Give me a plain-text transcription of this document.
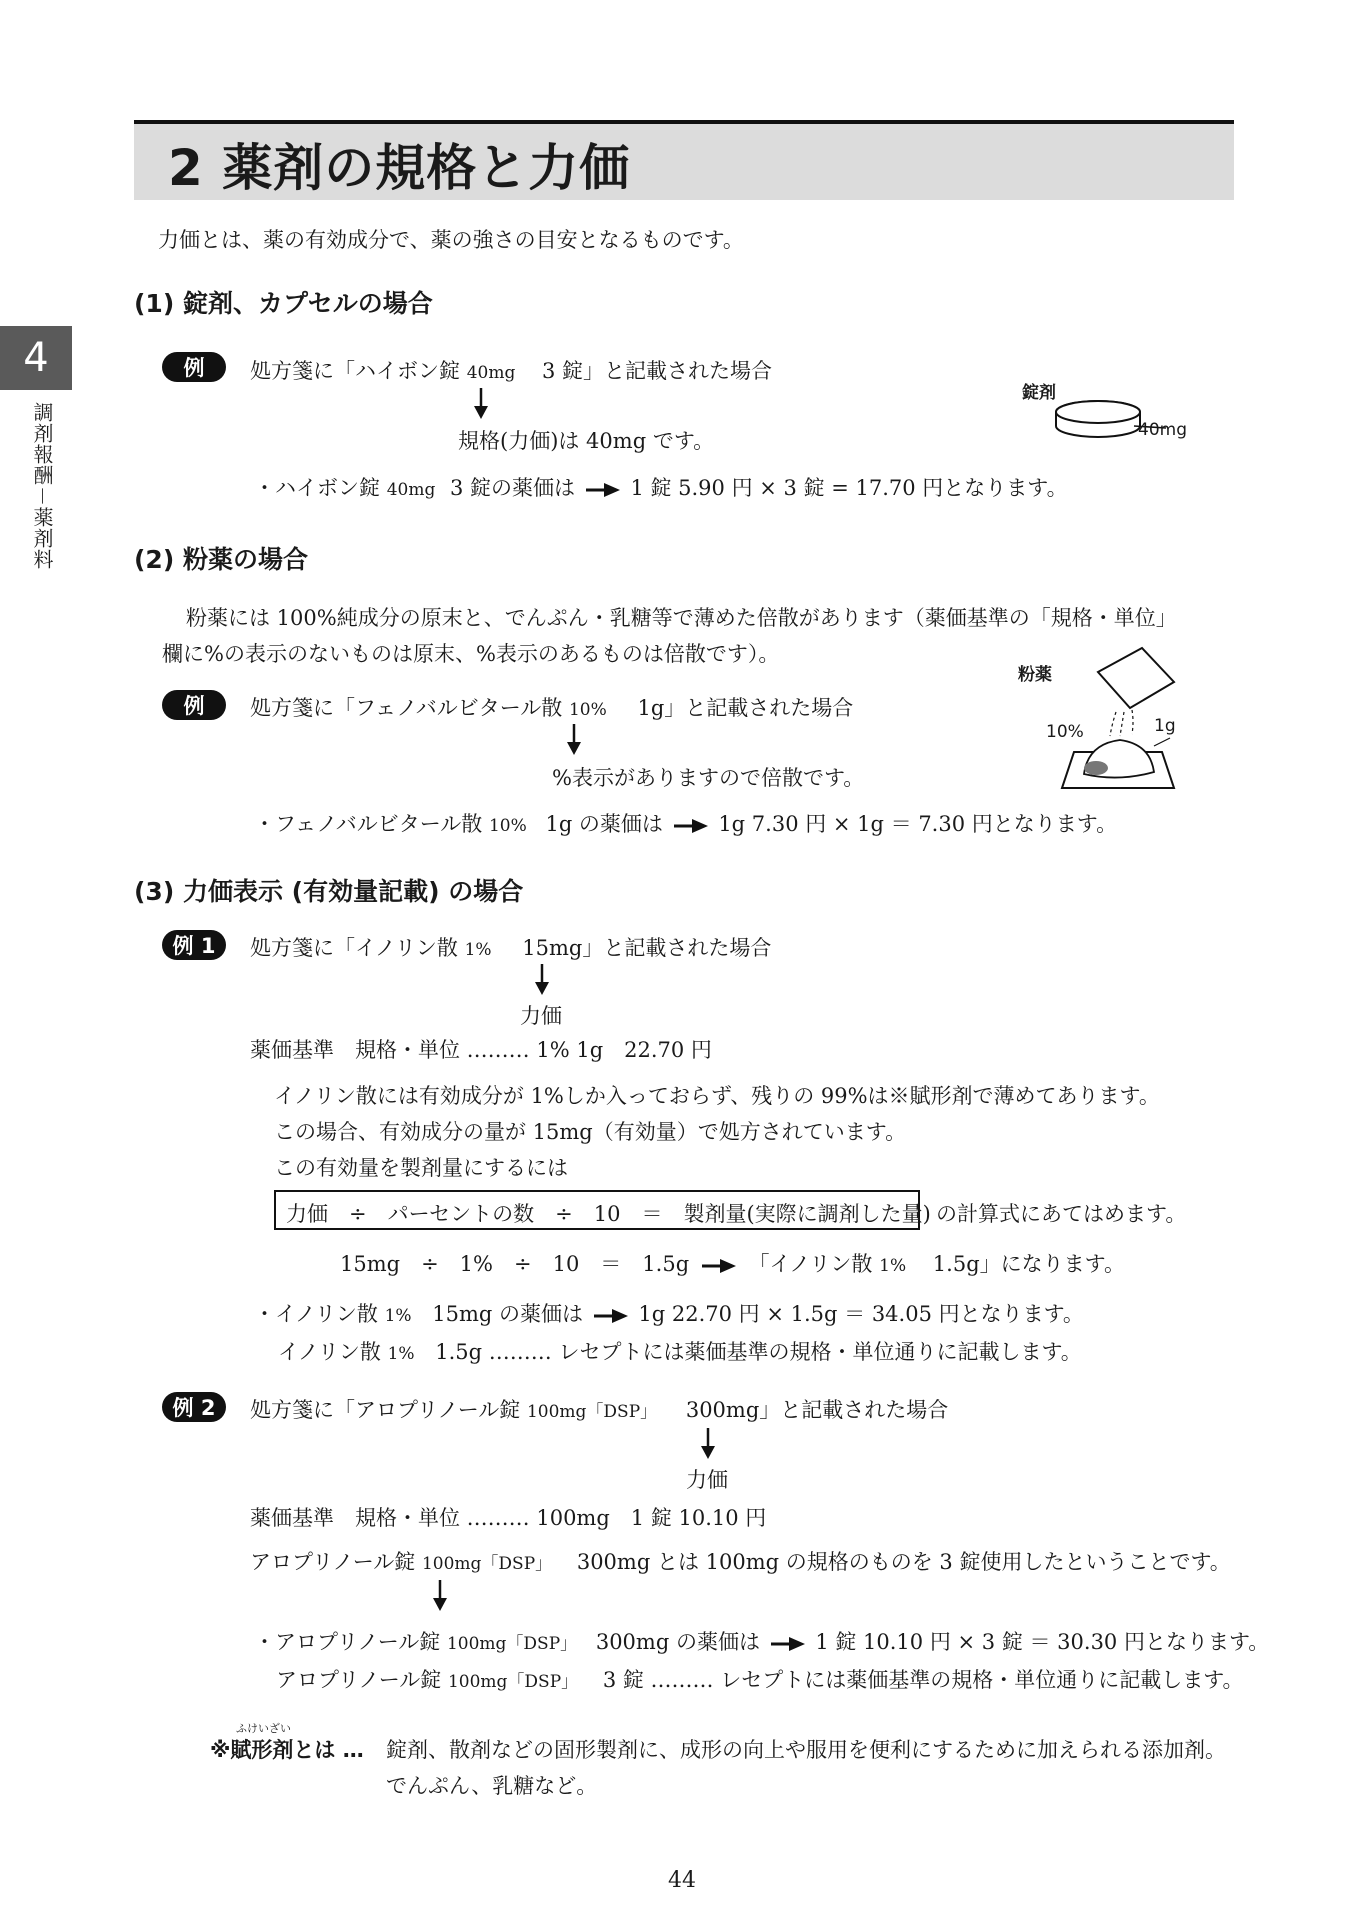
2 薬剤の規格と力価
4
調剤報酬－薬剤料
力価とは、薬の有効成分で、薬の強さの目安となるものです。
(1) 錠剤、カプセルの場合
例	処方箋に「ハイボン錠 40mg 3 錠」と記載された場合
規格(力価)は 40mg です。
・ハイボン錠 40mg 3 錠の薬価は	1 錠 5.90 円 × 3 錠 = 17.70 円となります。
錠剤
40mg
(2) 粉薬の場合
粉薬には 100%純成分の原末と、でんぷん・乳糖等で薄めた倍散があります（薬価基準の「規格・単位」
欄に%の表示のないものは原末、%表示のあるものは倍散です）。
例	処方箋に「フェノバルビタール散 10% 1g」と記載された場合
%表示がありますので倍散です。
・フェノバルビタール散 10% 1g の薬価は	1g 7.30 円 × 1g ＝ 7.30 円となります。
粉薬
10%	1g
(3) 力価表示 (有効量記載) の場合
例 1	処方箋に「イノリン散 1% 15mg」と記載された場合
力価
薬価基準　規格・単位 ……… 1% 1g　22.70 円
イノリン散には有効成分が 1%しか入っておらず、残りの 99%は※賦形剤で薄めてあります。
この場合、有効成分の量が 15mg（有効量）で処方されています。
この有効量を製剤量にするには
力価　÷　パーセントの数　÷　10　＝　製剤量(実際に調剤した量) の計算式にあてはめます。
15mg　÷　1%　÷　10　＝　1.5g	「イノリン散 1% 1.5g」になります。
・イノリン散 1% 15mg の薬価は	1g 22.70 円 × 1.5g ＝ 34.05 円となります。
イノリン散 1% 1.5g ……… レセプトには薬価基準の規格・単位通りに記載します。
例 2	処方箋に「アロプリノール錠 100mg「DSP」 300mg」と記載された場合
力価
薬価基準　規格・単位 ……… 100mg　1 錠 10.10 円
アロプリノール錠 100mg「DSP」 300mg とは 100mg の規格のものを 3 錠使用したということです。
・アロプリノール錠 100mg「DSP」 300mg の薬価は	1 錠 10.10 円 × 3 錠 ＝ 30.30 円となります。
アロプリノール錠 100mg「DSP」 3 錠 ……… レセプトには薬価基準の規格・単位通りに記載します。
ふけいざい
※賦形剤とは … 錠剤、散剤などの固形製剤に、成形の向上や服用を便利にするために加えられる添加剤。
でんぷん、乳糖など。
44
